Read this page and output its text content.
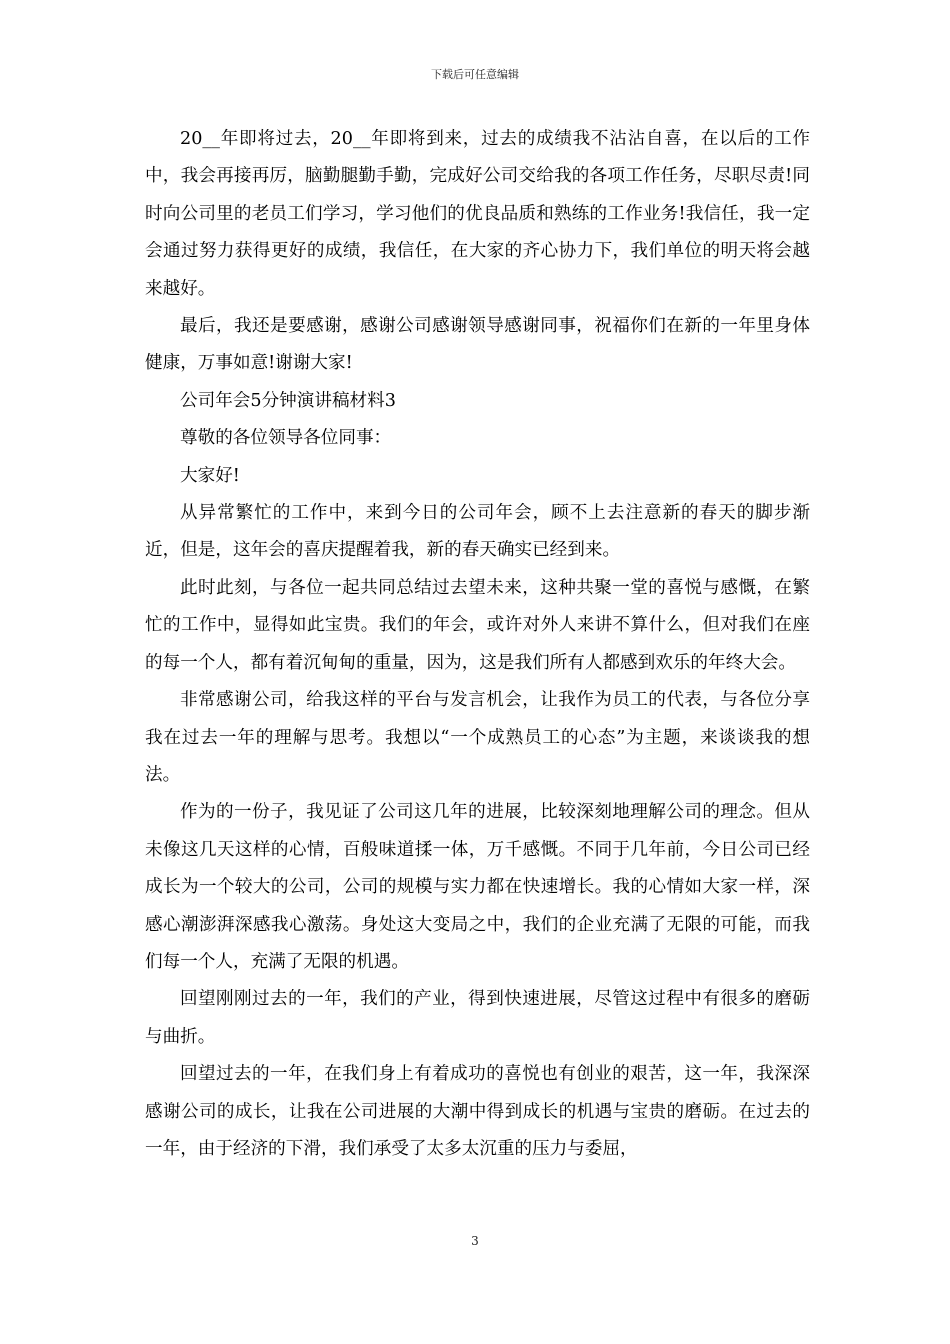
下载后可任意编辑

20__年即将过去，20__年即将到来，过去的成绩我不沾沾自喜，在以后的工作中，我会再接再厉，脑勤腿勤手勤，完成好公司交给我的各项工作任务，尽职尽责!同时向公司里的老员工们学习，学习他们的优良品质和熟练的工作业务!我信任，我一定会通过努力获得更好的成绩，我信任，在大家的齐心协力下，我们单位的明天将会越来越好。

最后，我还是要感谢，感谢公司感谢领导感谢同事，祝福你们在新的一年里身体健康，万事如意!谢谢大家!

公司年会5分钟演讲稿材料3

尊敬的各位领导各位同事：

大家好!

从异常繁忙的工作中，来到今日的公司年会，顾不上去注意新的春天的脚步渐近，但是，这年会的喜庆提醒着我，新的春天确实已经到来。

此时此刻，与各位一起共同总结过去望未来，这种共聚一堂的喜悦与感慨，在繁忙的工作中，显得如此宝贵。我们的年会，或许对外人来讲不算什么，但对我们在座的每一个人，都有着沉甸甸的重量，因为，这是我们所有人都感到欢乐的年终大会。

非常感谢公司，给我这样的平台与发言机会，让我作为员工的代表，与各位分享我在过去一年的理解与思考。我想以“一个成熟员工的心态”为主题，来谈谈我的想法。

作为的一份子，我见证了公司这几年的进展，比较深刻地理解公司的理念。但从未像这几天这样的心情，百般味道揉一体，万千感慨。不同于几年前，今日公司已经成长为一个较大的公司，公司的规模与实力都在快速增长。我的心情如大家一样，深感心潮澎湃深感我心激荡。身处这大变局之中，我们的企业充满了无限的可能，而我们每一个人，充满了无限的机遇。

回望刚刚过去的一年，我们的产业，得到快速进展，尽管这过程中有很多的磨砺与曲折。

回望过去的一年，在我们身上有着成功的喜悦也有创业的艰苦，这一年，我深深感谢公司的成长，让我在公司进展的大潮中得到成长的机遇与宝贵的磨砺。在过去的一年，由于经济的下滑，我们承受了太多太沉重的压力与委屈，

3
